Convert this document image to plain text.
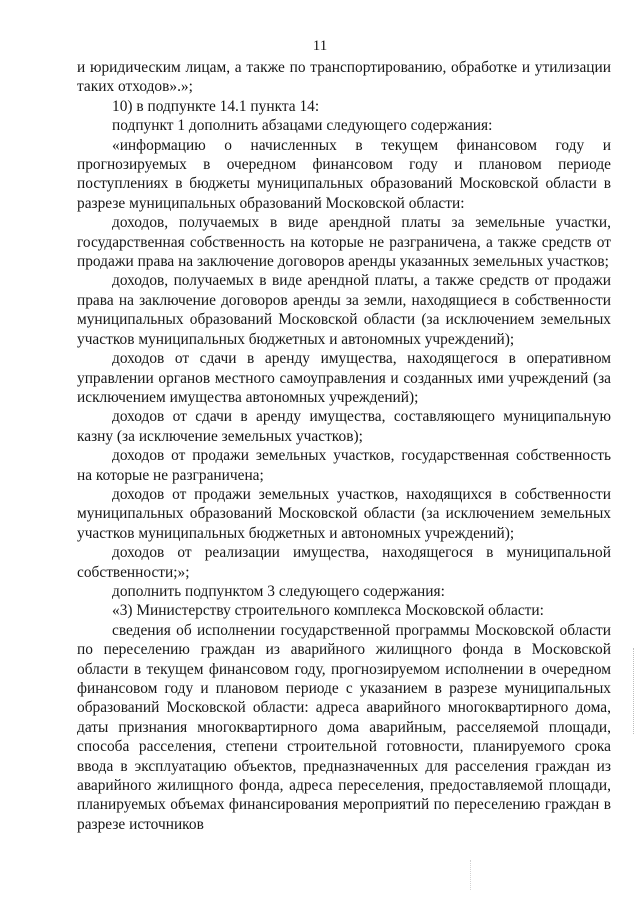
11

и юридическим лицам, а также по транспортированию, обработке и утилизации таких отходов».»;

10) в подпункте 14.1 пункта 14:

подпункт 1 дополнить абзацами следующего содержания:

«информацию о начисленных в текущем финансовом году и прогнозируемых в очередном финансовом году и плановом периоде поступлениях в бюджеты муниципальных образований Московской области в разрезе муниципальных образований Московской области:

доходов, получаемых в виде арендной платы за земельные участки, государственная собственность на которые не разграничена, а также средств от продажи права на заключение договоров аренды указанных земельных участков;

доходов, получаемых в виде арендной платы, а также средств от продажи права на заключение договоров аренды за земли, находящиеся в собственности муниципальных образований Московской области (за исключением земельных участков муниципальных бюджетных и автономных учреждений);

доходов от сдачи в аренду имущества, находящегося в оперативном управлении органов местного самоуправления и созданных ими учреждений (за исключением имущества автономных учреждений);

доходов от сдачи в аренду имущества, составляющего муниципальную казну (за исключение земельных участков);

доходов от продажи земельных участков, государственная собственность на которые не разграничена;

доходов от продажи земельных участков, находящихся в собственности муниципальных образований Московской области (за исключением земельных участков муниципальных бюджетных и автономных учреждений);

доходов от реализации имущества, находящегося в муниципальной собственности;»;

дополнить подпунктом 3 следующего содержания:

«3) Министерству строительного комплекса Московской области:

сведения об исполнении государственной программы Московской области по переселению граждан из аварийного жилищного фонда в Московской области в текущем финансовом году, прогнозируемом исполнении в очередном финансовом году и плановом периоде с указанием в разрезе муниципальных образований Московской области: адреса аварийного многоквартирного дома, даты признания многоквартирного дома аварийным, расселяемой площади, способа расселения, степени строительной готовности, планируемого срока ввода в эксплуатацию объектов, предназначенных для расселения граждан из аварийного жилищного фонда, адреса переселения, предоставляемой площади, планируемых объемах финансирования мероприятий по переселению граждан в разрезе источников
